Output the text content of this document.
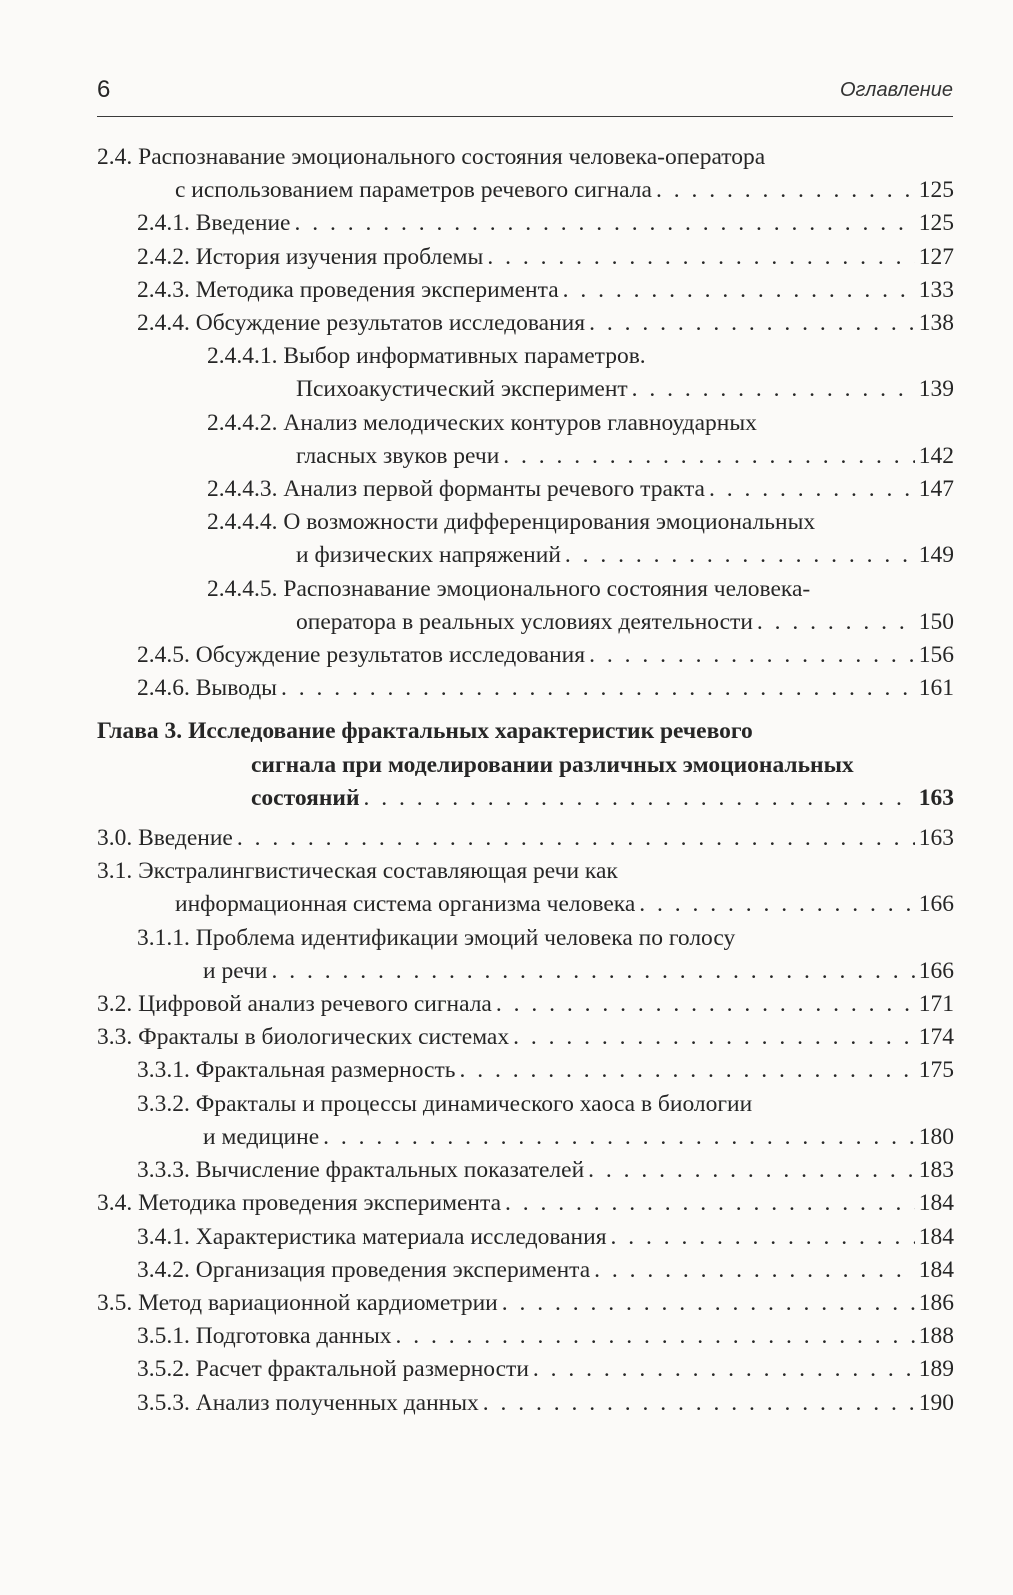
6	Оглавление
2.4. Распознавание эмоционального состояния человека-оператора
с использованием параметров речевого сигнала . . .	125
2.4.1. Введение . . .	125
2.4.2. История изучения проблемы . . .	127
2.4.3. Методика проведения эксперимента . . .	133
2.4.4. Обсуждение результатов исследования . . .	138
2.4.4.1. Выбор информативных параметров.
Психоакустический эксперимент . . .	139
2.4.4.2. Анализ мелодических контуров главноударных
гласных звуков речи . . .	142
2.4.4.3. Анализ первой форманты речевого тракта . . .	147
2.4.4.4. О возможности дифференцирования эмоциональных
и физических напряжений . . .	149
2.4.4.5. Распознавание эмоционального состояния человека-
оператора в реальных условиях деятельности . . .	150
2.4.5. Обсуждение результатов исследования . . .	156
2.4.6. Выводы . . .	161
Глава 3. Исследование фрактальных характеристик речевого
сигнала при моделировании различных эмоциональных
состояний . . .	163
3.0. Введение . . .	163
3.1. Экстралингвистическая составляющая речи как
информационная система организма человека . . .	166
3.1.1. Проблема идентификации эмоций человека по голосу
и речи . . .	166
3.2. Цифровой анализ речевого сигнала . . .	171
3.3. Фракталы в биологических системах . . .	174
3.3.1. Фрактальная размерность . . .	175
3.3.2. Фракталы и процессы динамического хаоса в биологии
и медицине . . .	180
3.3.3. Вычисление фрактальных показателей . . .	183
3.4. Методика проведения эксперимента . . .	184
3.4.1. Характеристика материала исследования . . .	184
3.4.2. Организация проведения эксперимента . . .	184
3.5. Метод вариационной кардиометрии . . .	186
3.5.1. Подготовка данных . . .	188
3.5.2. Расчет фрактальной размерности . . .	189
3.5.3. Анализ полученных данных . . .	190
